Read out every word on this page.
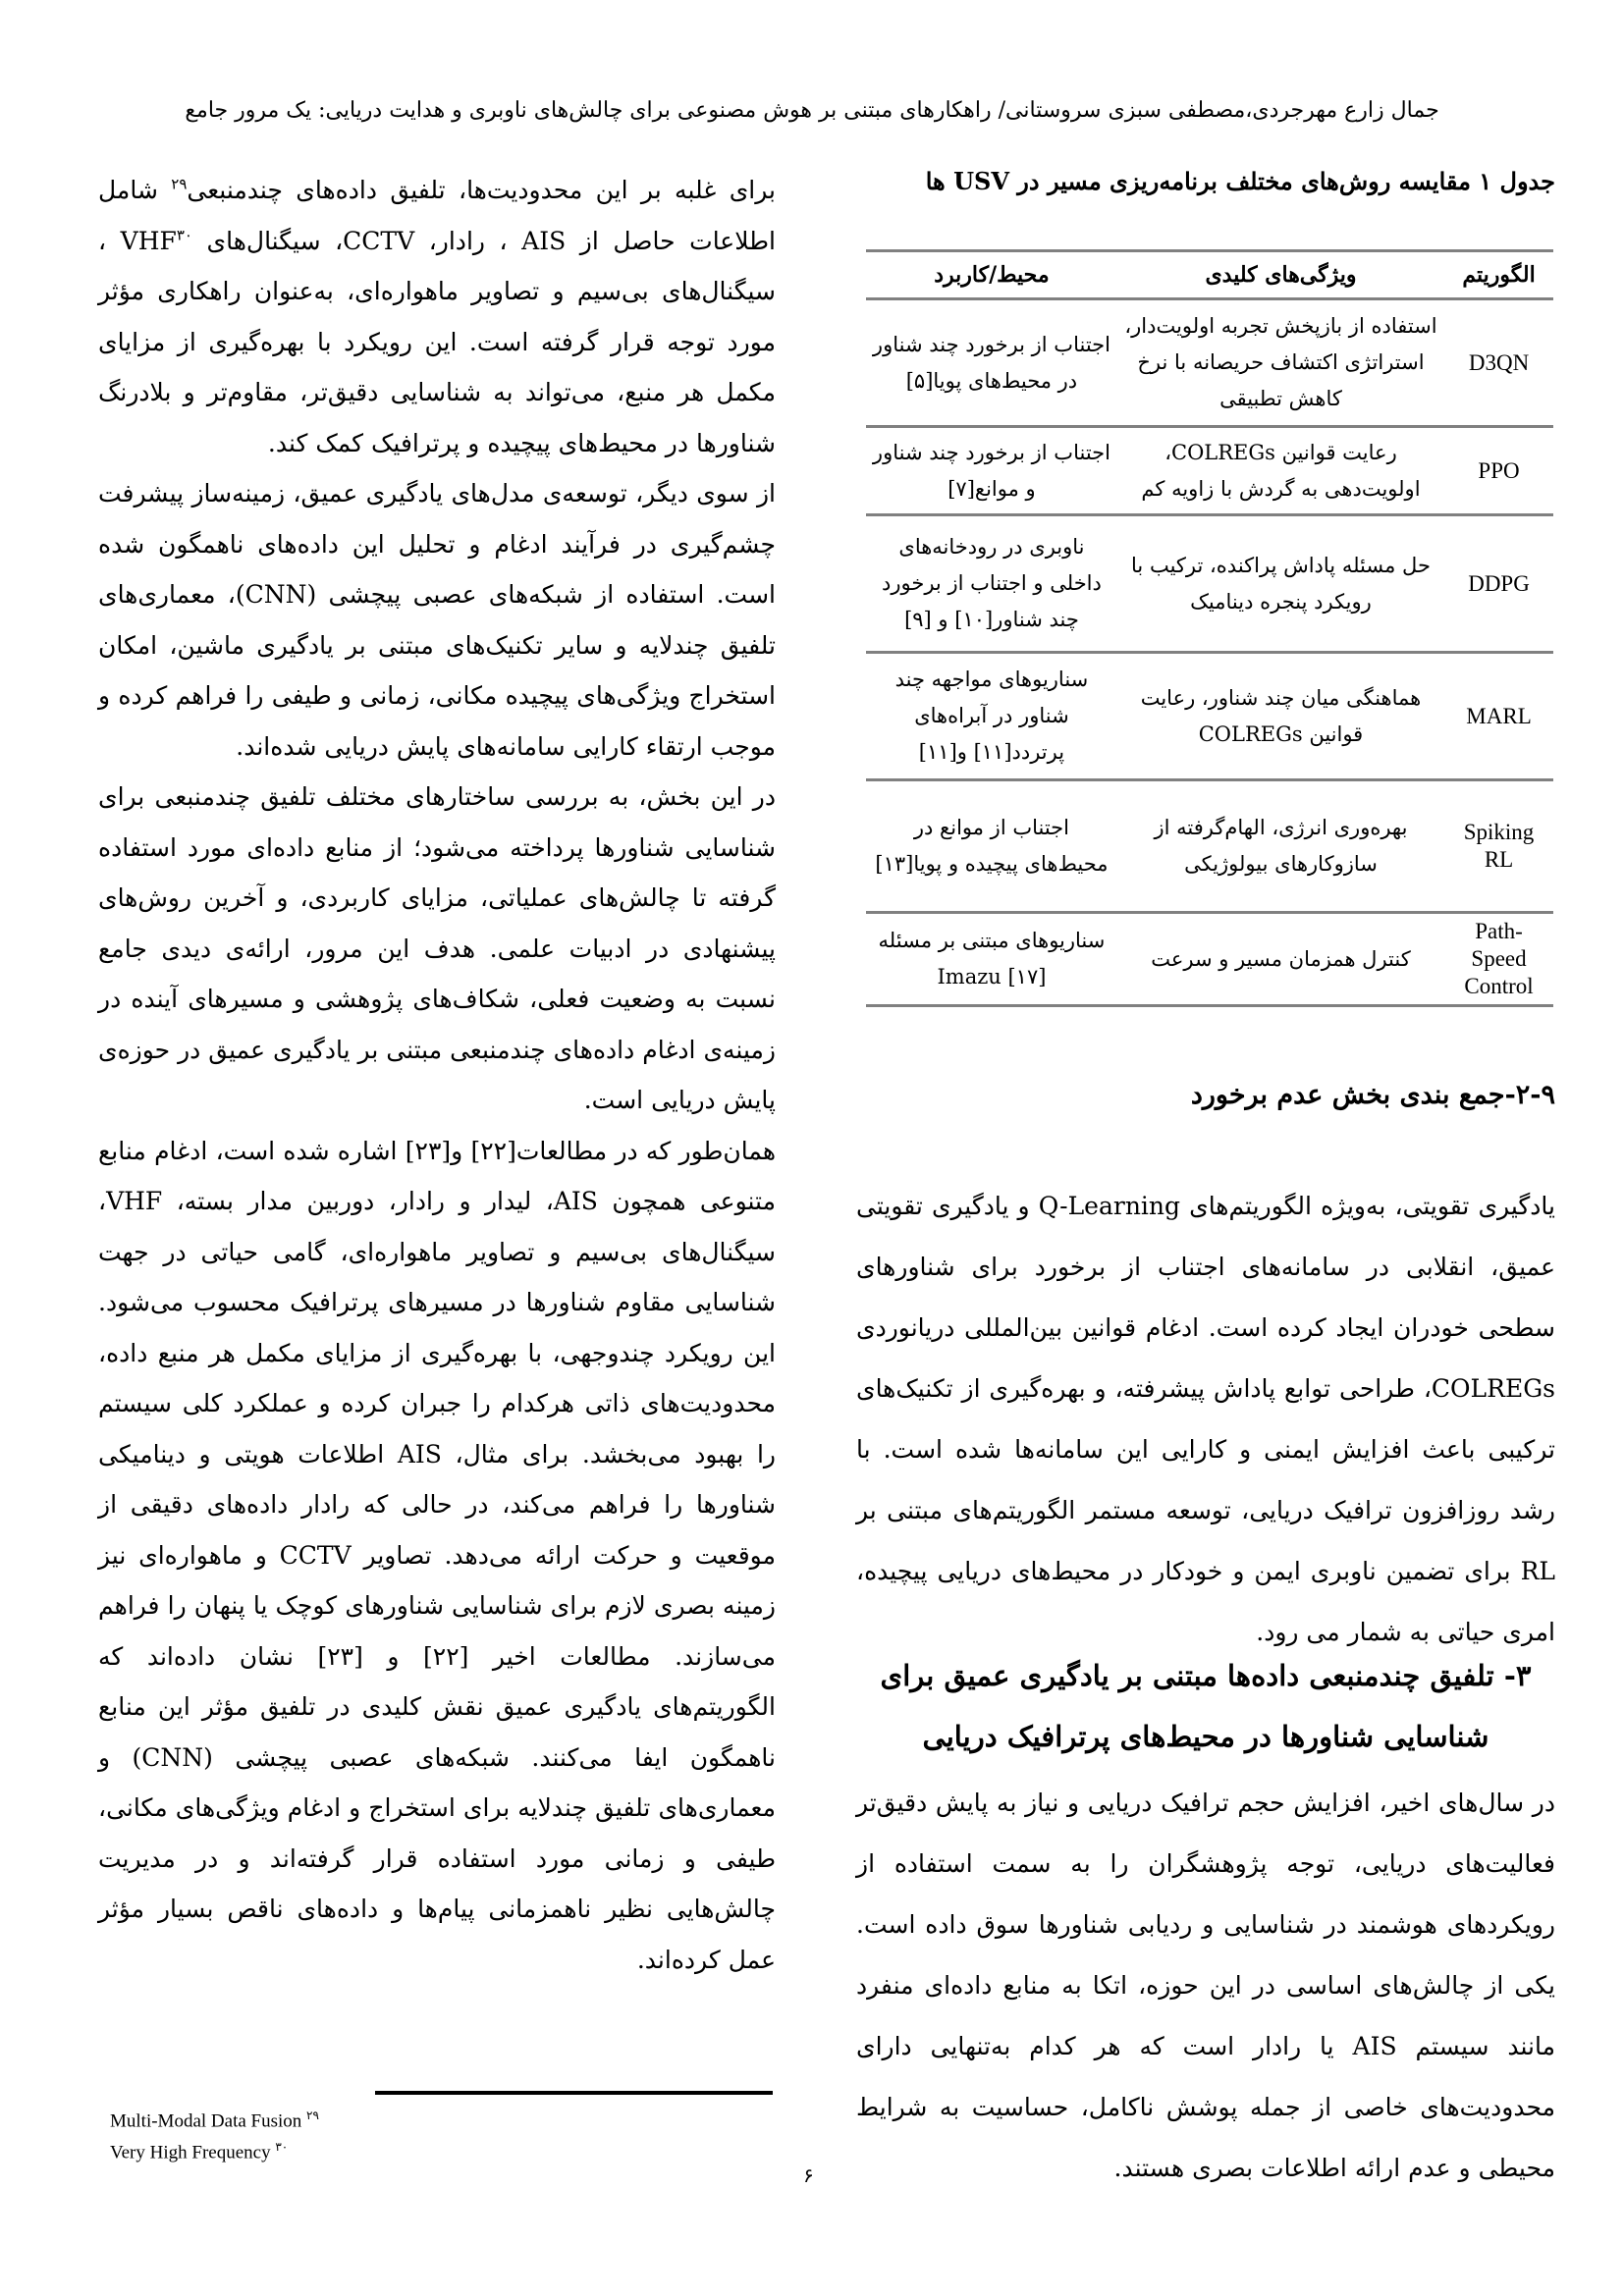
جمال زارع مهرجردی،مصطفی سبزی سروستانی/ راهکارهای مبتنی بر هوش مصنوعی برای چالش‌های ناوبری و هدایت دریایی: یک مرور جامع

برای غلبه بر این محدودیت‌ها، تلفیق داده‌های چندمنبعی$^{۲۹}$ شامل اطلاعات حاصل از AIS ، رادار، CCTV، سیگنال‌های VHF$^{۳۰}$ ، سیگنال‌های بی‌سیم و تصاویر ماهواره‌ای، به‌عنوان راهکاری مؤثر مورد توجه قرار گرفته است. این رویکرد با بهره‌گیری از مزایای مکمل هر منبع، می‌تواند به شناسایی دقیق‌تر، مقاوم‌تر و بلادرنگ شناورها در محیط‌های پیچیده و پرترافیک کمک کند.

از سوی دیگر، توسعه‌ی مدل‌های یادگیری عمیق، زمینه‌ساز پیشرفت چشم‌گیری در فرآیند ادغام و تحلیل این داده‌های ناهمگون شده است. استفاده از شبکه‌های عصبی پیچشی (CNN)، معماری‌های تلفیق چندلایه و سایر تکنیک‌های مبتنی بر یادگیری ماشین، امکان استخراج ویژگی‌های پیچیده مکانی، زمانی و طیفی را فراهم کرده و موجب ارتقاء کارایی سامانه‌های پایش دریایی شده‌اند.

در این بخش، به بررسی ساختارهای مختلف تلفیق چندمنبعی برای شناسایی شناورها پرداخته می‌شود؛ از منابع داده‌ای مورد استفاده گرفته تا چالش‌های عملیاتی، مزایای کاربردی، و آخرین روش‌های پیشنهادی در ادبیات علمی. هدف این مرور، ارائه‌ی دیدی جامع نسبت به وضعیت فعلی، شکاف‌های پژوهشی و مسیرهای آینده در زمینه‌ی ادغام داده‌های چندمنبعی مبتنی بر یادگیری عمیق در حوزه‌ی پایش دریایی است.

همان‌طور که در مطالعات[۲۲] و[۲۳] اشاره شده است، ادغام منابع متنوعی همچون AIS، لیدار و رادار، دوربین مدار بسته، VHF، سیگنال‌های بی‌سیم و تصاویر ماهواره‌ای، گامی حیاتی در جهت شناسایی مقاوم شناورها در مسیرهای پرترافیک محسوب می‌شود. این رویکرد چندوجهی، با بهره‌گیری از مزایای مکمل هر منبع داده، محدودیت‌های ذاتی هرکدام را جبران کرده و عملکرد کلی سیستم را بهبود می‌بخشد. برای مثال، AIS اطلاعات هویتی و دینامیکی شناورها را فراهم می‌کند، در حالی که رادار داده‌های دقیقی از موقعیت و حرکت ارائه می‌دهد. تصاویر CCTV و ماهواره‌ای نیز زمینه بصری لازم برای شناسایی شناورهای کوچک یا پنهان را فراهم می‌سازند. مطالعات اخیر [۲۲] و [۲۳] نشان داده‌اند که الگوریتم‌های یادگیری عمیق نقش کلیدی در تلفیق مؤثر این منابع ناهمگون ایفا می‌کنند. شبکه‌های عصبی پیچشی (CNN) و معماری‌های تلفیق چندلایه برای استخراج و ادغام ویژگی‌های مکانی، طیفی و زمانی مورد استفاده قرار گرفته‌اند و در مدیریت چالش‌هایی نظیر ناهمزمانی پیام‌ها و داده‌های ناقص بسیار مؤثر عمل کرده‌اند.

جدول ۱ مقایسه روش‌های مختلف برنامه‌ریزی مسیر در USV ها
الگوریتم	ویژگی‌های کلیدی	محیط/کاربرد
D3QN	استفاده از بازپخش تجربه اولویت‌دار، استراتژی اکتشاف حریصانه با نرخ کاهش تطبیقی	اجتناب از برخورد چند شناور در محیط‌های پویا[۵]
PPO	رعایت قوانین COLREGs، اولویت‌دهی به گردش با زاویه کم	اجتناب از برخورد چند شناور و موانع[۷]
DDPG	حل مسئله پاداش پراکنده، ترکیب با رویکرد پنجره دینامیک	ناوبری در رودخانه‌های داخلی و اجتناب از برخورد چند شناور[۱۰] و [۹]
MARL	هماهنگی میان چند شناور، رعایت قوانین COLREGs	سناریوهای مواجهه چند شناور در آبراه‌های پرتردد[۱۱] و[۱۱]
Spiking RL	بهره‌وری انرژی، الهام‌گرفته از سازوکارهای بیولوژیکی	اجتناب از موانع در محیط‌های پیچیده و پویا[۱۳]
Path-Speed Control	کنترل همزمان مسیر و سرعت	سناریوهای مبتنی بر مسئله Imazu [۱۷]
۲-۹-جمع بندی بخش عدم برخورد
یادگیری تقویتی، به‌ویژه الگوریتم‌های Q-Learning و یادگیری تقویتی عمیق، انقلابی در سامانه‌های اجتناب از برخورد برای شناورهای سطحی خودران ایجاد کرده است. ادغام قوانین بین‌المللی دریانوردی COLREGs، طراحی توابع پاداش پیشرفته، و بهره‌گیری از تکنیک‌های ترکیبی باعث افزایش ایمنی و کارایی این سامانه‌ها شده است. با رشد روزافزون ترافیک دریایی، توسعه مستمر الگوریتم‌های مبتنی بر RL برای تضمین ناوبری ایمن و خودکار در محیط‌های دریایی پیچیده، امری حیاتی به شمار می رود.
۳- تلفیق چندمنبعی داده‌ها مبتنی بر یادگیری عمیق برای شناسایی شناورها در محیط‌های پرترافیک دریایی
در سال‌های اخیر، افزایش حجم ترافیک دریایی و نیاز به پایش دقیق‌تر فعالیت‌های دریایی، توجه پژوهشگران را به سمت استفاده از رویکردهای هوشمند در شناسایی و ردیابی شناورها سوق داده است. یکی از چالش‌های اساسی در این حوزه، اتکا به منابع داده‌ای منفرد مانند سیستم AIS یا رادار است که هر کدام به‌تنهایی دارای محدودیت‌های خاصی از جمله پوشش ناکامل، حساسیت به شرایط محیطی و عدم ارائه اطلاعات بصری هستند.
Multi-Modal Data Fusion $^{۲۹}$
Very High Frequency $^{۳۰}$
۶
